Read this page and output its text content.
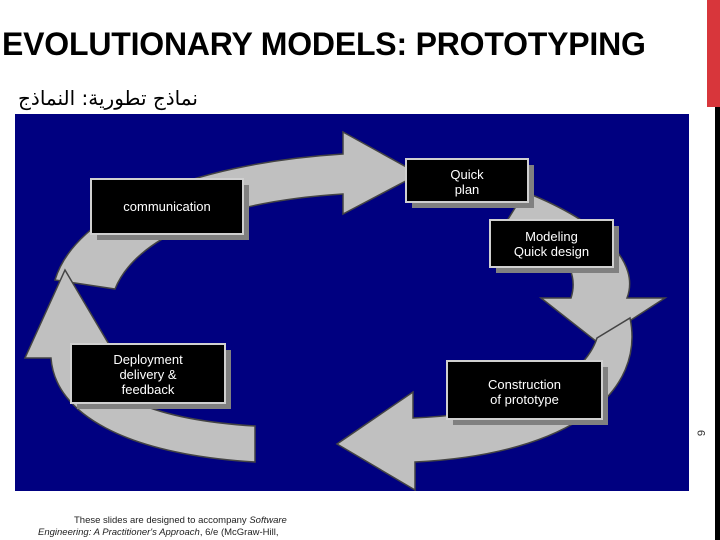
EVOLUTIONARY MODELS: PROTOTYPING
نماذج تطورية: النماذج
9
communication
Quick
plan
Modeling
Quick design
Construction
of prototype
Deployment
delivery &
feedback
These slides are designed to accompany Software
Engineering: A Practitioner's Approach, 6/e (McGraw-Hill,
